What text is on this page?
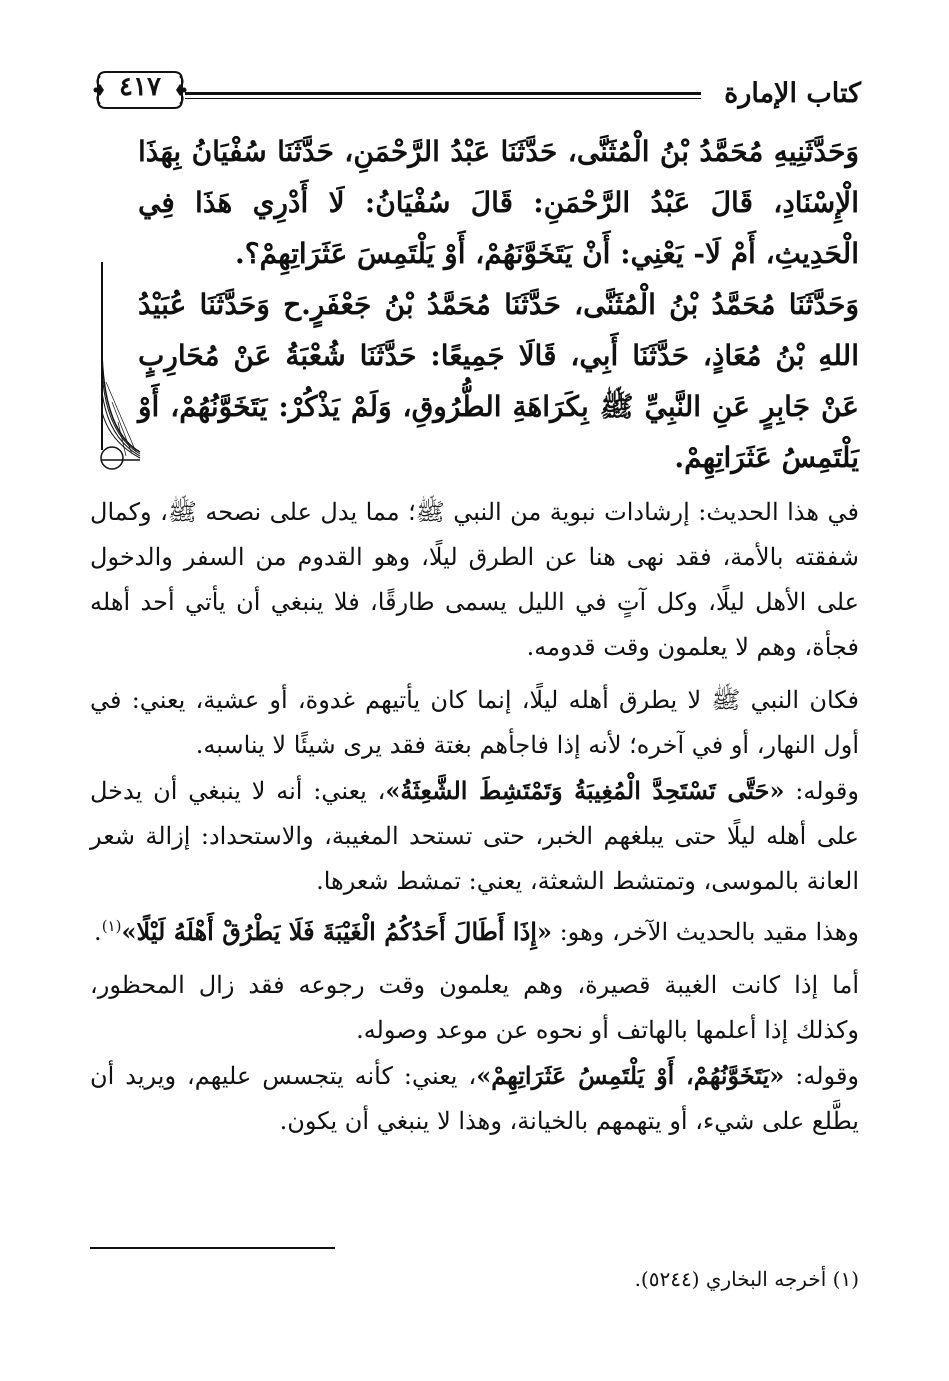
كتاب الإمارة
٤١٧

وَحَدَّثَنِيهِ مُحَمَّدُ بْنُ الْمُثَنَّى، حَدَّثَنَا عَبْدُ الرَّحْمَنِ، حَدَّثَنَا سُفْيَانُ بِهَذَا الْإِسْنَادِ، قَالَ عَبْدُ الرَّحْمَنِ: قَالَ سُفْيَانُ: لَا أَدْرِي هَذَا فِي الْحَدِيثِ، أَمْ لَا- يَعْنِي: أَنْ يَتَخَوَّنَهُمْ، أَوْ يَلْتَمِسَ عَثَرَاتِهِمْ؟.

وَحَدَّثَنَا مُحَمَّدُ بْنُ الْمُثَنَّى، حَدَّثَنَا مُحَمَّدُ بْنُ جَعْفَرٍ.ح وَحَدَّثَنَا عُبَيْدُ اللهِ بْنُ مُعَاذٍ، حَدَّثَنَا أَبِي، قَالَا جَمِيعًا: حَدَّثَنَا شُعْبَةُ عَنْ مُحَارِبٍ عَنْ جَابِرٍ عَنِ النَّبِيِّ ﷺ بِكَرَاهَةِ الطُّرُوقِ، وَلَمْ يَذْكُرْ: يَتَخَوَّنُهُمْ، أَوْ يَلْتَمِسُ عَثَرَاتِهِمْ.

في هذا الحديث: إرشادات نبوية من النبي ﷺ؛ مما يدل على نصحه ﷺ، وكمال شفقته بالأمة، فقد نهى هنا عن الطرق ليلًا، وهو القدوم من السفر والدخول على الأهل ليلًا، وكل آتٍ في الليل يسمى طارقًا، فلا ينبغي أن يأتي أحد أهله فجأة، وهم لا يعلمون وقت قدومه.

فكان النبي ﷺ لا يطرق أهله ليلًا، إنما كان يأتيهم غدوة، أو عشية، يعني: في أول النهار، أو في آخره؛ لأنه إذا فاجأهم بغتة فقد يرى شيئًا لا يناسبه.

وقوله: «حَتَّى تَسْتَحِدَّ الْمُغِيبَةُ وَتَمْتَشِطَ الشَّعِثَةُ»، يعني: أنه لا ينبغي أن يدخل على أهله ليلًا حتى يبلغهم الخبر، حتى تستحد المغيبة، والاستحداد: إزالة شعر العانة بالموسى، وتمتشط الشعثة، يعني: تمشط شعرها.

وهذا مقيد بالحديث الآخر، وهو: «إِذَا أَطَالَ أَحَدُكُمُ الْغَيْبَةَ فَلَا يَطْرُقْ أَهْلَهُ لَيْلًا»$^{(١)}$.

أما إذا كانت الغيبة قصيرة، وهم يعلمون وقت رجوعه فقد زال المحظور، وكذلك إذا أعلمها بالهاتف أو نحوه عن موعد وصوله.

وقوله: «يَتَخَوَّنُهُمْ، أَوْ يَلْتَمِسُ عَثَرَاتِهِمْ»، يعني: كأنه يتجسس عليهم، ويريد أن يطَّلع على شيء، أو يتهمهم بالخيانة، وهذا لا ينبغي أن يكون.

(١) أخرجه البخاري (٥٢٤٤).
